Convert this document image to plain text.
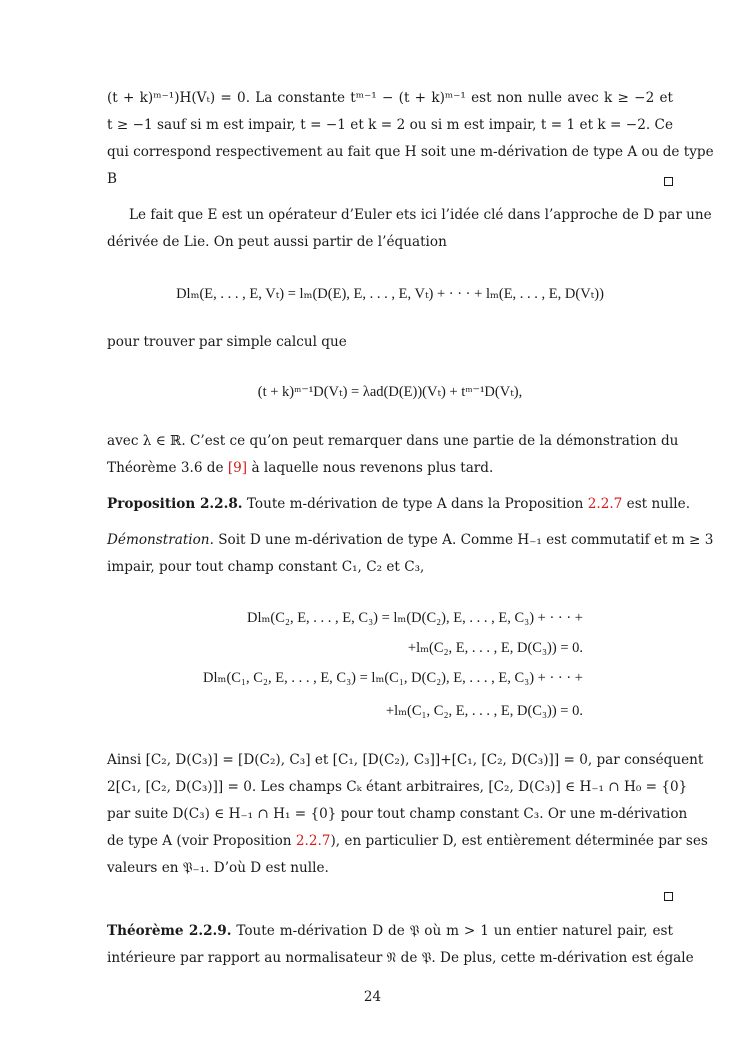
(t + k)ᵐ⁻¹)H(Vₜ) = 0. La constante tᵐ⁻¹ − (t + k)ᵐ⁻¹ est non nulle avec k ≥ −2 et
t ≥ −1 sauf si m est impair, t = −1 et k = 2 ou si m est impair, t = 1 et k = −2. Ce
qui correspond respectivement au fait que H soit une m-dérivation de type A ou de type
B
Le fait que E est un opérateur d’Euler ets ici l’idée clé dans l’approche de D par une
dérivée de Lie. On peut aussi partir de l’équation
Dlₘ(E, . . . , E, Vₜ) = lₘ(D(E), E, . . . , E, Vₜ) + · · · + lₘ(E, . . . , E, D(Vₜ))
pour trouver par simple calcul que
(t + k)ᵐ⁻¹D(Vₜ) = λad(D(E))(Vₜ) + tᵐ⁻¹D(Vₜ),
avec λ ∈ ℝ. C’est ce qu’on peut remarquer dans une partie de la démonstration du
Théorème 3.6 de [9] à laquelle nous revenons plus tard.
Proposition 2.2.8. Toute m-dérivation de type A dans la Proposition 2.2.7 est nulle.
Démonstration. Soit D une m-dérivation de type A. Comme H₋₁ est commutatif et m ≥ 3
impair, pour tout champ constant C₁, C₂ et C₃,
Dlₘ(C₂, E, . . . , E, C₃) = lₘ(D(C₂), E, . . . , E, C₃) + · · · +
+lₘ(C₂, E, . . . , E, D(C₃)) = 0.
Dlₘ(C₁, C₂, E, . . . , E, C₃) = lₘ(C₁, D(C₂), E, . . . , E, C₃) + · · · +
+lₘ(C₁, C₂, E, . . . , E, D(C₃)) = 0.
Ainsi [C₂, D(C₃)] = [D(C₂), C₃] et [C₁, [D(C₂), C₃]]+[C₁, [C₂, D(C₃)]] = 0, par conséquent
2[C₁, [C₂, D(C₃)]] = 0. Les champs Cₖ étant arbitraires, [C₂, D(C₃)] ∈ H₋₁ ∩ H₀ = {0}
par suite D(C₃) ∈ H₋₁ ∩ H₁ = {0} pour tout champ constant C₃. Or une m-dérivation
de type A (voir Proposition 2.2.7), en particulier D, est entièrement déterminée par ses
valeurs en 𝔓₋₁. D’où D est nulle.
Théorème 2.2.9. Toute m-dérivation D de 𝔓 où m > 1 un entier naturel pair, est
intérieure par rapport au normalisateur 𝔑 de 𝔓. De plus, cette m-dérivation est égale
24
